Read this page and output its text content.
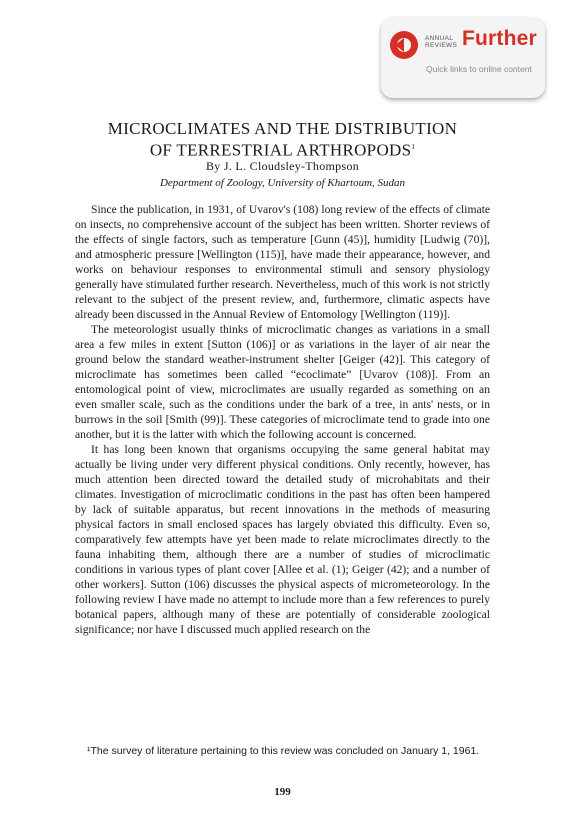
ANNUAL
REVIEWS Further
Quick links to online content
MICROCLIMATES AND THE DISTRIBUTION
OF TERRESTRIAL ARTHROPODS$^1$
By J. L. Cloudsley-Thompson
Department of Zoology, University of Khartoum, Sudan

Since the publication, in 1931, of Uvarov's (108) long review of the effects of climate on insects, no comprehensive account of the subject has been written. Shorter reviews of the effects of single factors, such as temperature [Gunn (45)], humidity [Ludwig (70)], and atmospheric pressure [Wellington (115)], have made their appearance, however, and works on behaviour responses to environmental stimuli and sensory physiology generally have stimulated further research. Nevertheless, much of this work is not strictly relevant to the subject of the present review, and, furthermore, climatic aspects have already been discussed in the Annual Review of Entomology [Wellington (119)].

The meteorologist usually thinks of microclimatic changes as variations in a small area a few miles in extent [Sutton (106)] or as variations in the layer of air near the ground below the standard weather-instrument shelter [Geiger (42)]. This category of microclimate has sometimes been called “ecoclimate” [Uvarov (108)]. From an entomological point of view, microclimates are usually regarded as something on an even smaller scale, such as the conditions under the bark of a tree, in ants' nests, or in burrows in the soil [Smith (99)]. These categories of microclimate tend to grade into one another, but it is the latter with which the following account is concerned.

It has long been known that organisms occupying the same general habitat may actually be living under very different physical conditions. Only recently, however, has much attention been directed toward the detailed study of microhabitats and their climates. Investigation of microclimatic conditions in the past has often been hampered by lack of suitable apparatus, but recent innovations in the methods of measuring physical factors in small enclosed spaces has largely obviated this difficulty. Even so, comparatively few attempts have yet been made to relate microclimates directly to the fauna inhabiting them, although there are a number of studies of microclimatic conditions in various types of plant cover [Allee et al. (1); Geiger (42); and a number of other workers]. Sutton (106) discusses the physical aspects of micrometeorology. In the following review I have made no attempt to include more than a few references to purely botanical papers, although many of these are potentially of considerable zoological significance; nor have I discussed much applied research on the

¹The survey of literature pertaining to this review was concluded on January 1, 1961.
199
